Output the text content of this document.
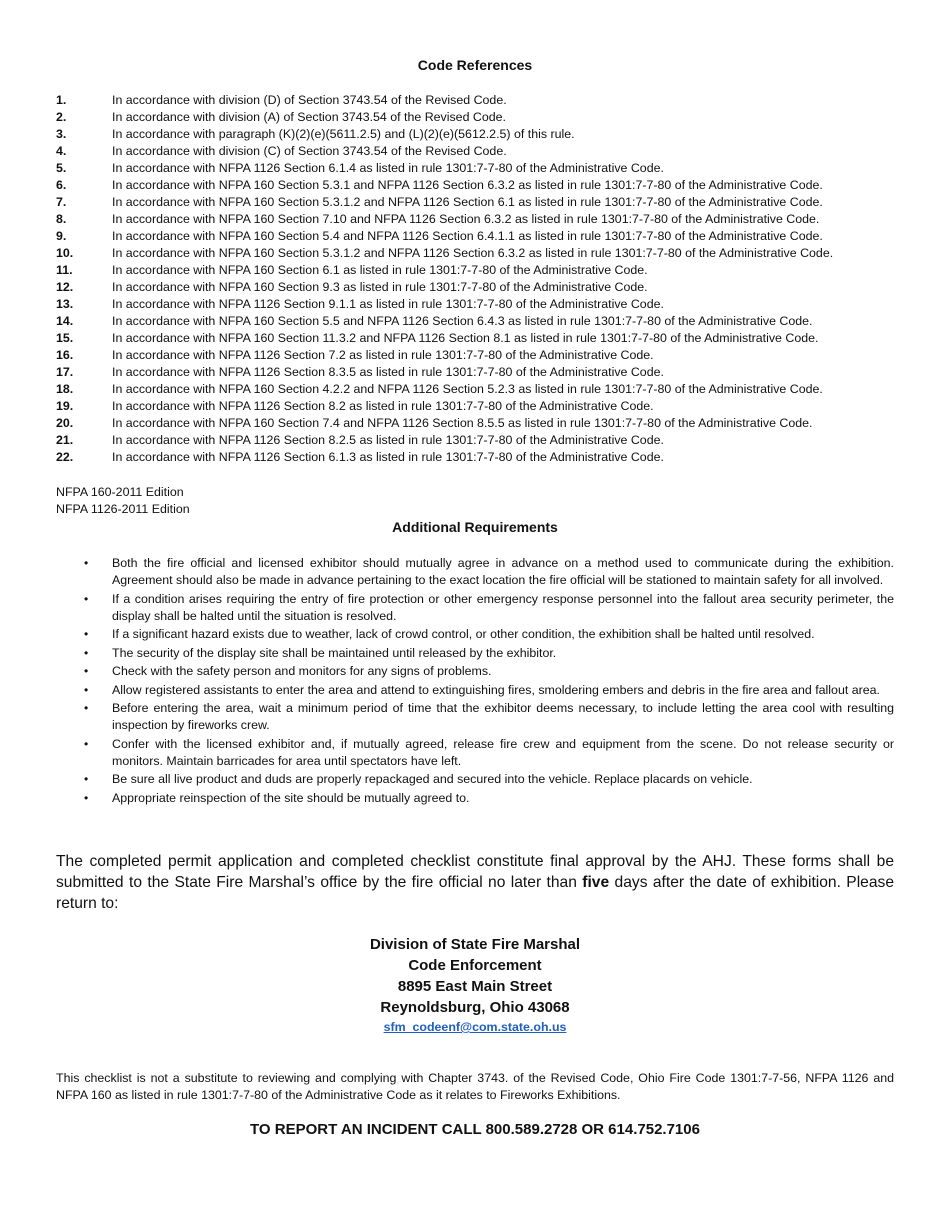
Code References
1.	In accordance with division (D) of Section 3743.54 of the Revised Code.
2.	In accordance with division (A) of Section 3743.54 of the Revised Code.
3.	In accordance with paragraph (K)(2)(e)(5611.2.5) and (L)(2)(e)(5612.2.5) of this rule.
4.	In accordance with division (C) of Section 3743.54 of the Revised Code.
5.	In accordance with NFPA 1126 Section 6.1.4 as listed in rule 1301:7-7-80 of the Administrative Code.
6.	In accordance with NFPA 160 Section 5.3.1 and NFPA 1126 Section 6.3.2 as listed in rule 1301:7-7-80 of the Administrative Code.
7.	In accordance with NFPA 160 Section 5.3.1.2 and NFPA 1126 Section 6.1 as listed in rule 1301:7-7-80 of the Administrative Code.
8.	In accordance with NFPA 160 Section 7.10 and NFPA 1126 Section 6.3.2 as listed in rule 1301:7-7-80 of the Administrative Code.
9.	In accordance with NFPA 160 Section 5.4 and NFPA 1126 Section 6.4.1.1 as listed in rule 1301:7-7-80 of the Administrative Code.
10.	In accordance with NFPA 160 Section 5.3.1.2 and NFPA 1126 Section 6.3.2 as listed in rule 1301:7-7-80 of the Administrative Code.
11.	In accordance with NFPA 160 Section 6.1 as listed in rule 1301:7-7-80 of the Administrative Code.
12.	In accordance with NFPA 160 Section 9.3 as listed in rule 1301:7-7-80 of the Administrative Code.
13.	In accordance with NFPA 1126 Section 9.1.1 as listed in rule 1301:7-7-80 of the Administrative Code.
14.	In accordance with NFPA 160 Section 5.5 and NFPA 1126 Section 6.4.3 as listed in rule 1301:7-7-80 of the Administrative Code.
15.	In accordance with NFPA 160 Section 11.3.2 and NFPA 1126 Section 8.1 as listed in rule 1301:7-7-80 of the Administrative Code.
16.	In accordance with NFPA 1126 Section 7.2 as listed in rule 1301:7-7-80 of the Administrative Code.
17.	In accordance with NFPA 1126 Section 8.3.5 as listed in rule 1301:7-7-80 of the Administrative Code.
18.	In accordance with NFPA 160 Section 4.2.2 and NFPA 1126 Section 5.2.3 as listed in rule 1301:7-7-80 of the Administrative Code.
19.	In accordance with NFPA 1126 Section 8.2 as listed in rule 1301:7-7-80 of the Administrative Code.
20.	In accordance with NFPA 160 Section 7.4 and NFPA 1126 Section 8.5.5 as listed in rule 1301:7-7-80 of the Administrative Code.
21.	In accordance with NFPA 1126 Section 8.2.5 as listed in rule 1301:7-7-80 of the Administrative Code.
22.	In accordance with NFPA 1126 Section 6.1.3 as listed in rule 1301:7-7-80 of the Administrative Code.
NFPA 160-2011 Edition
NFPA 1126-2011 Edition
Additional Requirements
• Both the fire official and licensed exhibitor should mutually agree in advance on a method used to communicate during the exhibition. Agreement should also be made in advance pertaining to the exact location the fire official will be stationed to maintain safety for all involved.
• If a condition arises requiring the entry of fire protection or other emergency response personnel into the fallout area security perimeter, the display shall be halted until the situation is resolved.
• If a significant hazard exists due to weather, lack of crowd control, or other condition, the exhibition shall be halted until resolved.
• The security of the display site shall be maintained until released by the exhibitor.
• Check with the safety person and monitors for any signs of problems.
• Allow registered assistants to enter the area and attend to extinguishing fires, smoldering embers and debris in the fire area and fallout area.
• Before entering the area, wait a minimum period of time that the exhibitor deems necessary, to include letting the area cool with resulting inspection by fireworks crew.
• Confer with the licensed exhibitor and, if mutually agreed, release fire crew and equipment from the scene. Do not release security or monitors. Maintain barricades for area until spectators have left.
• Be sure all live product and duds are properly repackaged and secured into the vehicle. Replace placards on vehicle.
• Appropriate reinspection of the site should be mutually agreed to.

The completed permit application and completed checklist constitute final approval by the AHJ. These forms shall be submitted to the State Fire Marshal’s office by the fire official no later than five days after the date of exhibition. Please return to:

Division of State Fire Marshal
Code Enforcement
8895 East Main Street
Reynoldsburg, Ohio 43068
sfm_codeenf@com.state.oh.us
This checklist is not a substitute to reviewing and complying with Chapter 3743. of the Revised Code, Ohio Fire Code 1301:7-7-56, NFPA 1126 and NFPA 160 as listed in rule 1301:7-7-80 of the Administrative Code as it relates to Fireworks Exhibitions.
TO REPORT AN INCIDENT CALL 800.589.2728 OR 614.752.7106
